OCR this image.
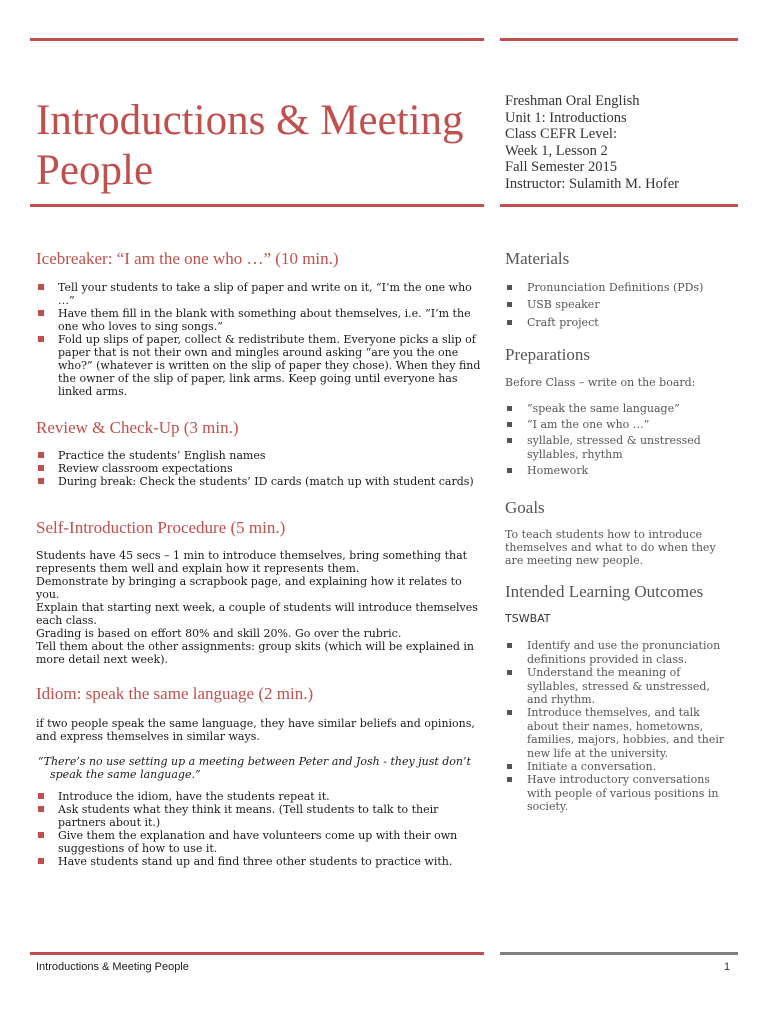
Introductions & Meeting People
Freshman Oral English
Unit 1: Introductions
Class CEFR Level:
Week 1, Lesson 2
Fall Semester 2015
Instructor: Sulamith M. Hofer
Icebreaker: “I am the one who …” (10 min.)
Tell your students to take a slip of paper and write on it, “I’m the one who …”
Have them fill in the blank with something about themselves, i.e. “I’m the one who loves to sing songs.”
Fold up slips of paper, collect & redistribute them. Everyone picks a slip of paper that is not their own and mingles around asking “are you the one who?” (whatever is written on the slip of paper they chose). When they find the owner of the slip of paper, link arms. Keep going until everyone has linked arms.
Review & Check-Up (3 min.)
Practice the students’ English names
Review classroom expectations
During break: Check the students’ ID cards (match up with student cards)
Self-Introduction Procedure (5 min.)

Students have 45 secs – 1 min to introduce themselves, bring something that represents them well and explain how it represents them.

Demonstrate by bringing a scrapbook page, and explaining how it relates to you.

Explain that starting next week, a couple of students will introduce themselves each class.

Grading is based on effort 80% and skill 20%. Go over the rubric.

Tell them about the other assignments: group skits (which will be explained in more detail next week).

Idiom: speak the same language (2 min.)

if two people speak the same language, they have similar beliefs and opinions, and express themselves in similar ways.

“There’s no use setting up a meeting between Peter and Josh - they just don’t speak the same language.”

Introduce the idiom, have the students repeat it.
Ask students what they think it means. (Tell students to talk to their partners about it.)
Give them the explanation and have volunteers come up with their own suggestions of how to use it.
Have students stand up and find three other students to practice with.
Materials
Pronunciation Definitions (PDs)
USB speaker
Craft project
Preparations

Before Class – write on the board:

“speak the same language”
“I am the one who …”
syllable, stressed & unstressed syllables, rhythm
Homework
Goals

To teach students how to introduce themselves and what to do when they are meeting new people.

Intended Learning Outcomes

TSWBAT

Identify and use the pronunciation definitions provided in class.
Understand the meaning of syllables, stressed & unstressed, and rhythm.
Introduce themselves, and talk about their names, hometowns, families, majors, hobbies, and their new life at the university.
Initiate a conversation.
Have introductory conversations with people of various positions in society.
Introductions & Meeting People	1
